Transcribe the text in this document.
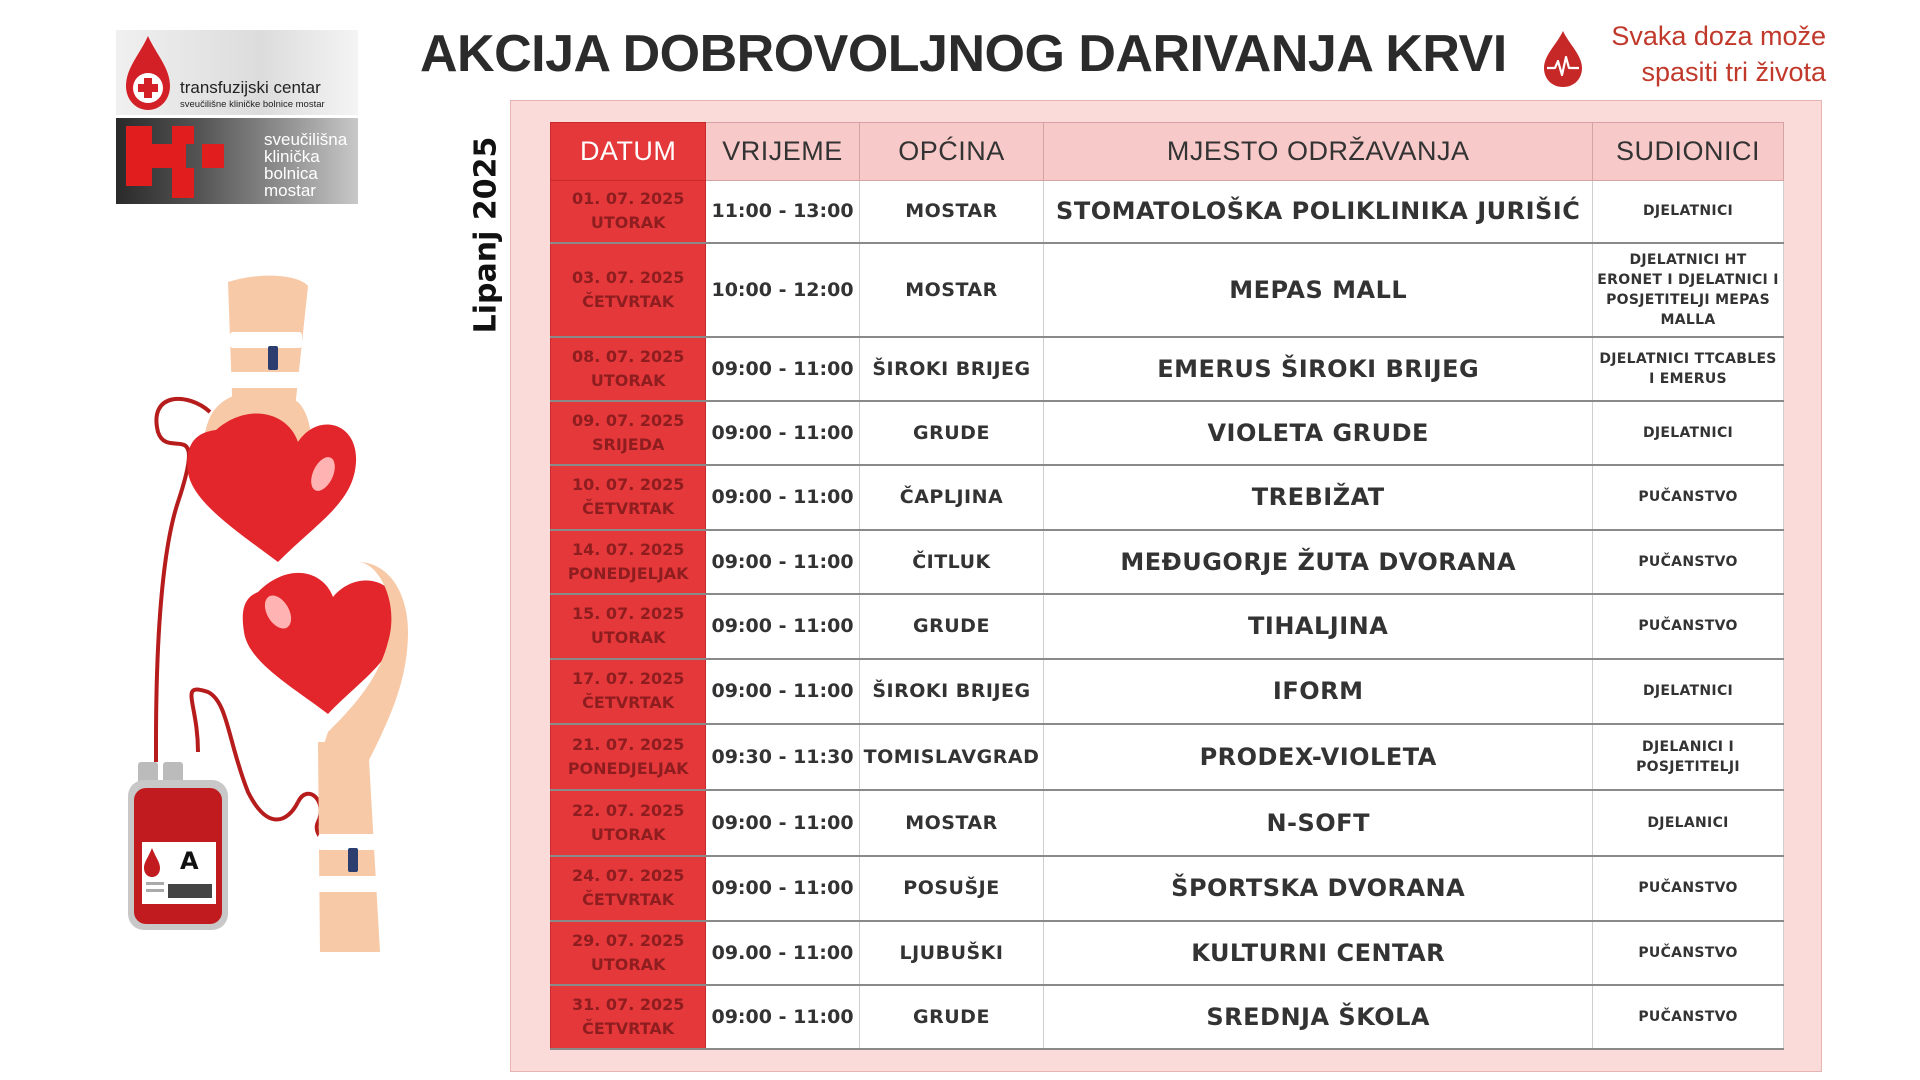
transfuzijski centar
sveučilišne kliničke bolnice mostar
sveučilišna
klinička
bolnica
mostar
AKCIJA DOBROVOLJNOG DARIVANJA KRVI	Svaka doza može
spasiti tri života
Lipanj 2025
A
DATUM	VRIJEME	OPĆINA	MJESTO ODRŽAVANJA	SUDIONICI

01. 07. 2025
UTORAK	11:00 - 13:00	MOSTAR	STOMATOLOŠKA POLIKLINIKA JURIŠIĆ	DJELATNICI

03. 07. 2025
ČETVRTAK	10:00 - 12:00	MOSTAR	MEPAS MALL	DJELATNICI HT ERONET I DJELATNICI I POSJETITELJI MEPAS MALLA

08. 07. 2025
UTORAK	09:00 - 11:00	ŠIROKI BRIJEG	EMERUS ŠIROKI BRIJEG	DJELATNICI TTCABLES I EMERUS

09. 07. 2025
SRIJEDA	09:00 - 11:00	GRUDE	VIOLETA GRUDE	DJELATNICI

10. 07. 2025
ČETVRTAK	09:00 - 11:00	ČAPLJINA	TREBIŽAT	PUČANSTVO

14. 07. 2025
PONEDJELJAK	09:00 - 11:00	ČITLUK	MEĐUGORJE ŽUTA DVORANA	PUČANSTVO

15. 07. 2025
UTORAK	09:00 - 11:00	GRUDE	TIHALJINA	PUČANSTVO

17. 07. 2025
ČETVRTAK	09:00 - 11:00	ŠIROKI BRIJEG	IFORM	DJELATNICI

21. 07. 2025
PONEDJELJAK	09:30 - 11:30	TOMISLAVGRAD	PRODEX-VIOLETA	DJELANICI I POSJETITELJI

22. 07. 2025
UTORAK	09:00 - 11:00	MOSTAR	N-SOFT	DJELANICI

24. 07. 2025
ČETVRTAK	09:00 - 11:00	POSUŠJE	ŠPORTSKA DVORANA	PUČANSTVO

29. 07. 2025
UTORAK	09.00 - 11:00	LJUBUŠKI	KULTURNI CENTAR	PUČANSTVO

31. 07. 2025
ČETVRTAK	09:00 - 11:00	GRUDE	SREDNJA ŠKOLA	PUČANSTVO
